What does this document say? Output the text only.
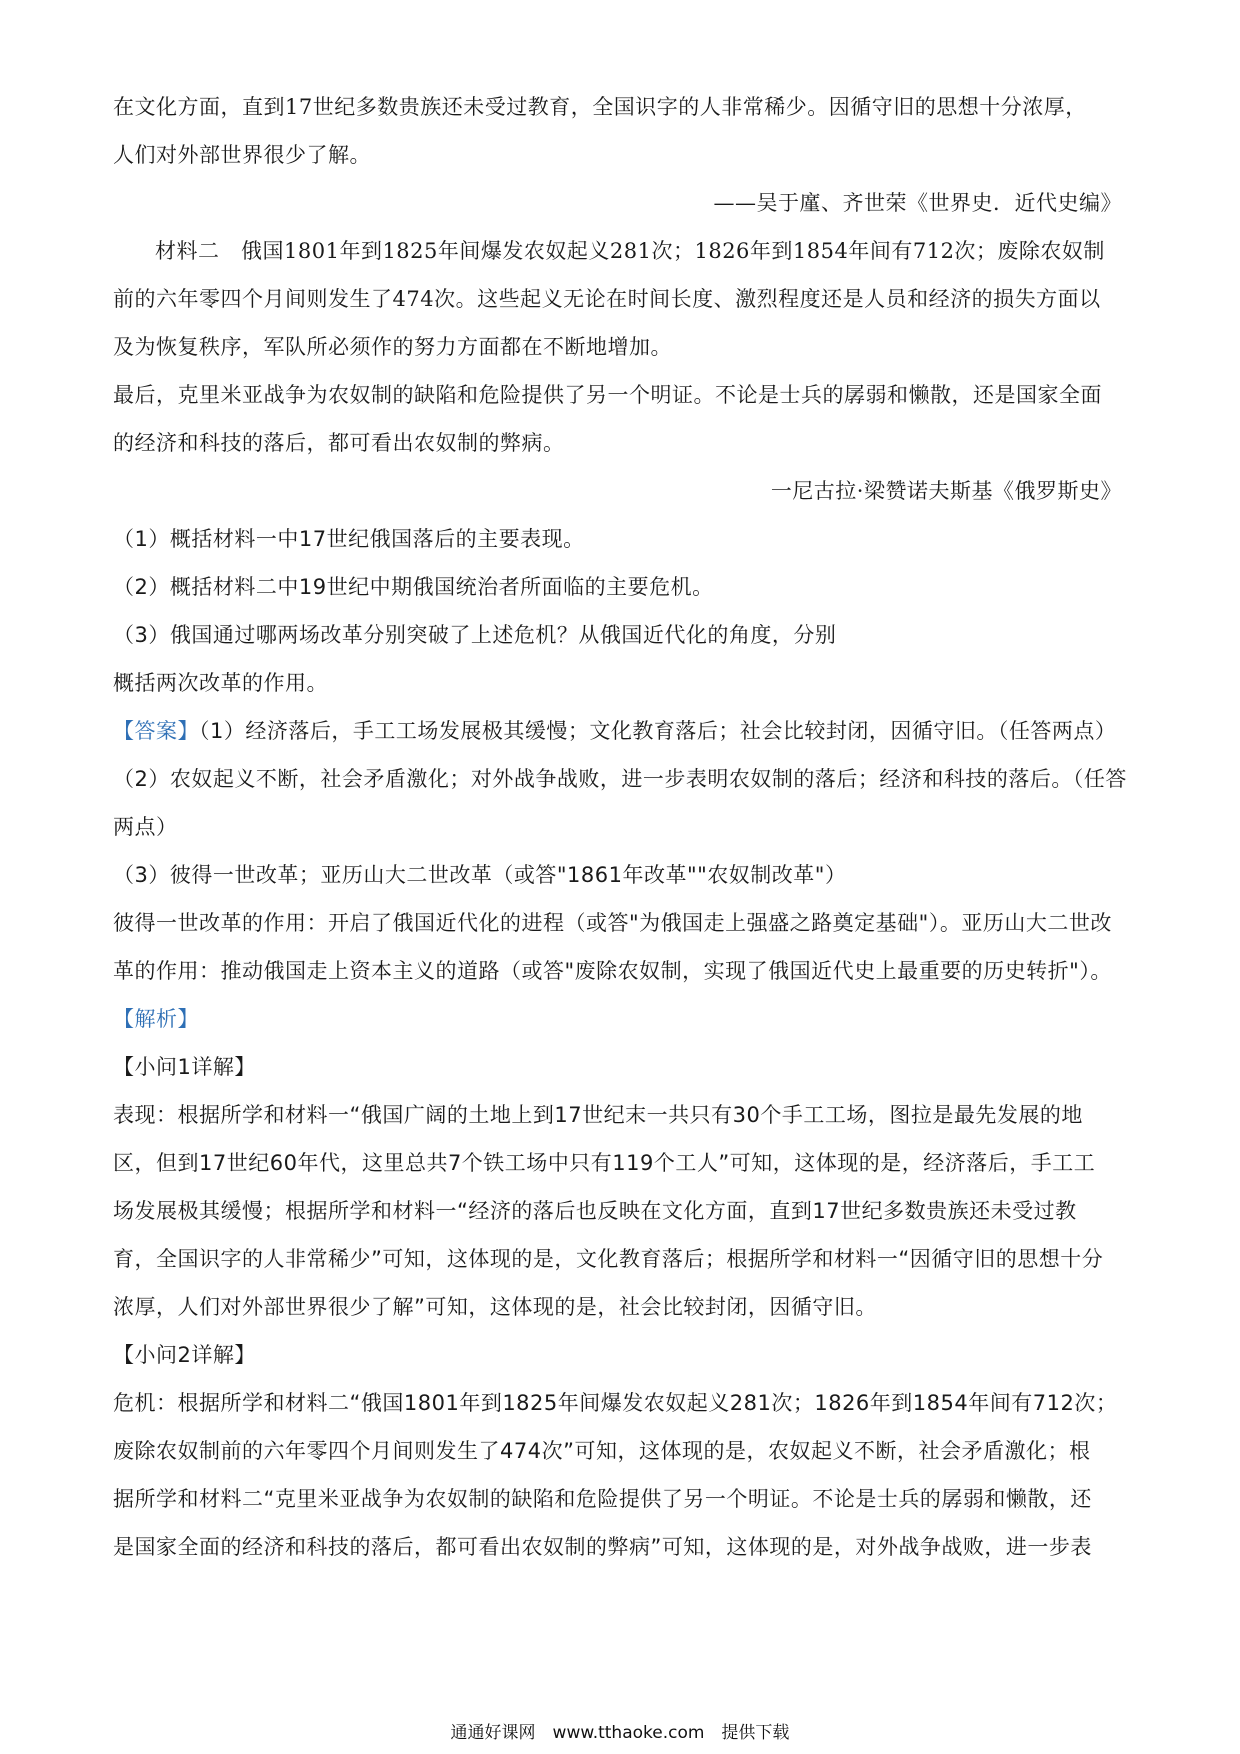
在文化方面，直到17世纪多数贵族还未受过教育，全国识字的人非常稀少。因循守旧的思想十分浓厚，
人们对外部世界很少了解。
——吴于廑、齐世荣《世界史．近代史编》
材料二　俄国1801年到1825年间爆发农奴起义281次；1826年到1854年间有712次；废除农奴制
前的六年零四个月间则发生了474次。这些起义无论在时间长度、激烈程度还是人员和经济的损失方面以
及为恢复秩序，军队所必须作的努力方面都在不断地增加。
最后，克里米亚战争为农奴制的缺陷和危险提供了另一个明证。不论是士兵的孱弱和懒散，还是国家全面
的经济和科技的落后，都可看出农奴制的弊病。
一尼古拉·梁赞诺夫斯基《俄罗斯史》
（1）概括材料一中17世纪俄国落后的主要表现。
（2）概括材料二中19世纪中期俄国统治者所面临的主要危机。
（3）俄国通过哪两场改革分别突破了上述危机？从俄国近代化的角度，分别
概括两次改革的作用。
【答案】（1）经济落后，手工工场发展极其缓慢；文化教育落后；社会比较封闭，因循守旧。（任答两点）
（2）农奴起义不断，社会矛盾激化；对外战争战败，进一步表明农奴制的落后；经济和科技的落后。（任答
两点）
（3）彼得一世改革；亚历山大二世改革（或答"1861年改革""农奴制改革"）
彼得一世改革的作用：开启了俄国近代化的进程（或答"为俄国走上强盛之路奠定基础"）。亚历山大二世改
革的作用：推动俄国走上资本主义的道路（或答"废除农奴制，实现了俄国近代史上最重要的历史转折"）。
【解析】
【小问1详解】
表现：根据所学和材料一“俄国广阔的土地上到17世纪末一共只有30个手工工场，图拉是最先发展的地
区，但到17世纪60年代，这里总共7个铁工场中只有119个工人”可知，这体现的是，经济落后，手工工
场发展极其缓慢；根据所学和材料一“经济的落后也反映在文化方面，直到17世纪多数贵族还未受过教
育，全国识字的人非常稀少”可知，这体现的是，文化教育落后；根据所学和材料一“因循守旧的思想十分
浓厚，人们对外部世界很少了解”可知，这体现的是，社会比较封闭，因循守旧。
【小问2详解】
危机：根据所学和材料二“俄国1801年到1825年间爆发农奴起义281次；1826年到1854年间有712次；
废除农奴制前的六年零四个月间则发生了474次”可知，这体现的是，农奴起义不断，社会矛盾激化；根
据所学和材料二“克里米亚战争为农奴制的缺陷和危险提供了另一个明证。不论是士兵的孱弱和懒散，还
是国家全面的经济和科技的落后，都可看出农奴制的弊病”可知，这体现的是，对外战争战败，进一步表
通通好课网　www.tthaoke.com　提供下载
